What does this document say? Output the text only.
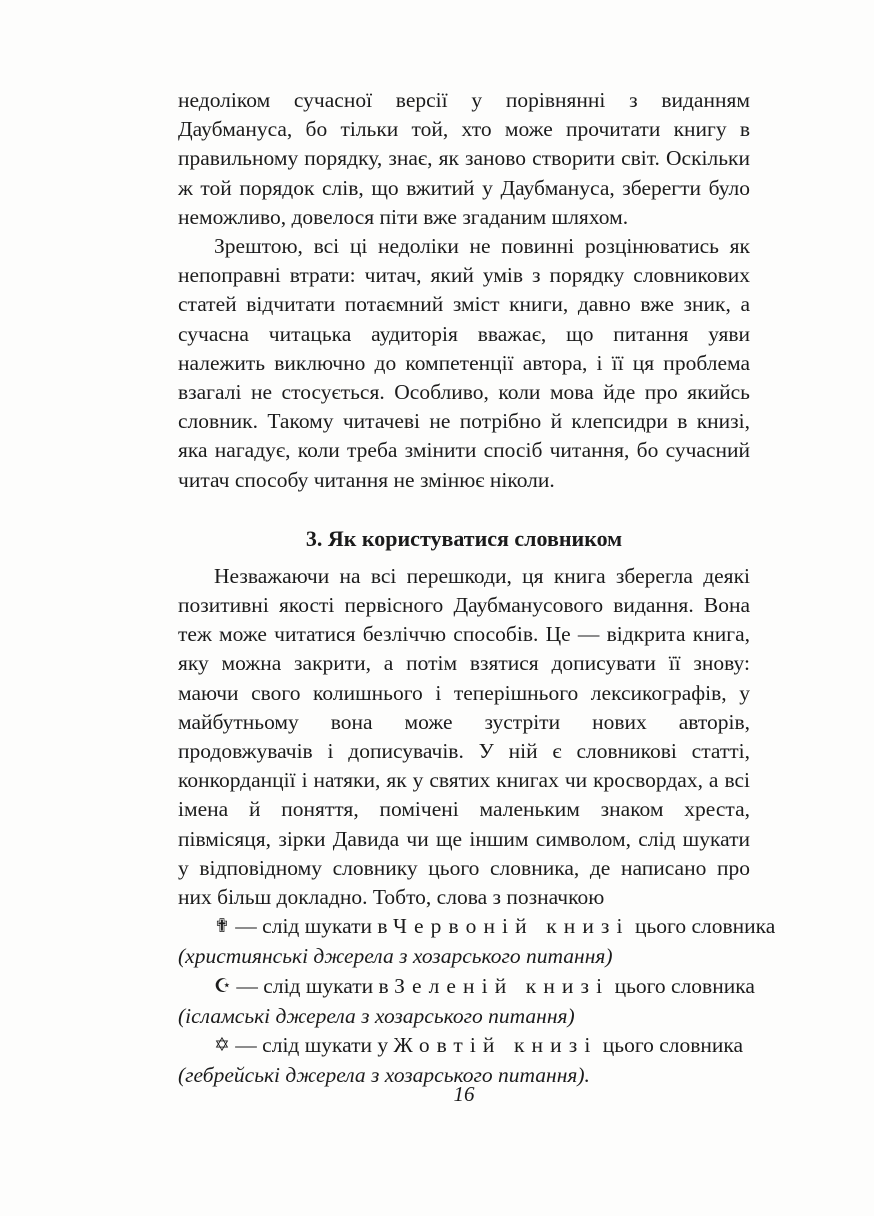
недоліком сучасної версії у порівнянні з виданням Даубмануса, бо тільки той, хто може прочитати книгу в правильному порядку, знає, як заново створити світ. Оскільки ж той порядок слів, що вжитий у Даубмануса, зберегти було неможливо, довелося піти вже згаданим шляхом.

Зрештою, всі ці недоліки не повинні розцінюватись як непоправні втрати: читач, який умів з порядку словникових статей відчитати потаємний зміст книги, давно вже зник, а сучасна читацька аудиторія вважає, що питання уяви належить виключно до компетенції автора, і її ця проблема взагалі не стосується. Особливо, коли мова йде про якийсь словник. Такому читачеві не потрібно й клепсидри в книзі, яка нагадує, коли треба змінити спосіб читання, бо сучасний читач способу читання не змінює ніколи.

3. Як користуватися словником

Незважаючи на всі перешкоди, ця книга зберегла деякі позитивні якості первісного Даубманусового видання. Вона теж може читатися безліччю способів. Це — відкрита книга, яку можна закрити, а потім взятися дописувати її знову: маючи свого колишнього і теперішнього лексикографів, у майбутньому вона може зустріти нових авторів, продовжувачів і дописувачів. У ній є словникові статті, конкорданції і натяки, як у святих книгах чи кросвордах, а всі імена й поняття, помічені маленьким знаком хреста, півмісяця, зірки Давида чи ще іншим символом, слід шукати у відповідному словнику цього словника, де написано про них більш докладно. Тобто, слова з позначкою

✟ — слід шукати в Червоній книзі цього словника

(християнські джерела з хозарського питання)

☪ — слід шукати в Зеленій книзі цього словника

(ісламські джерела з хозарського питання)

✡ — слід шукати у Жовтій книзі цього словника

(гебрейські джерела з хозарського питання).

16
